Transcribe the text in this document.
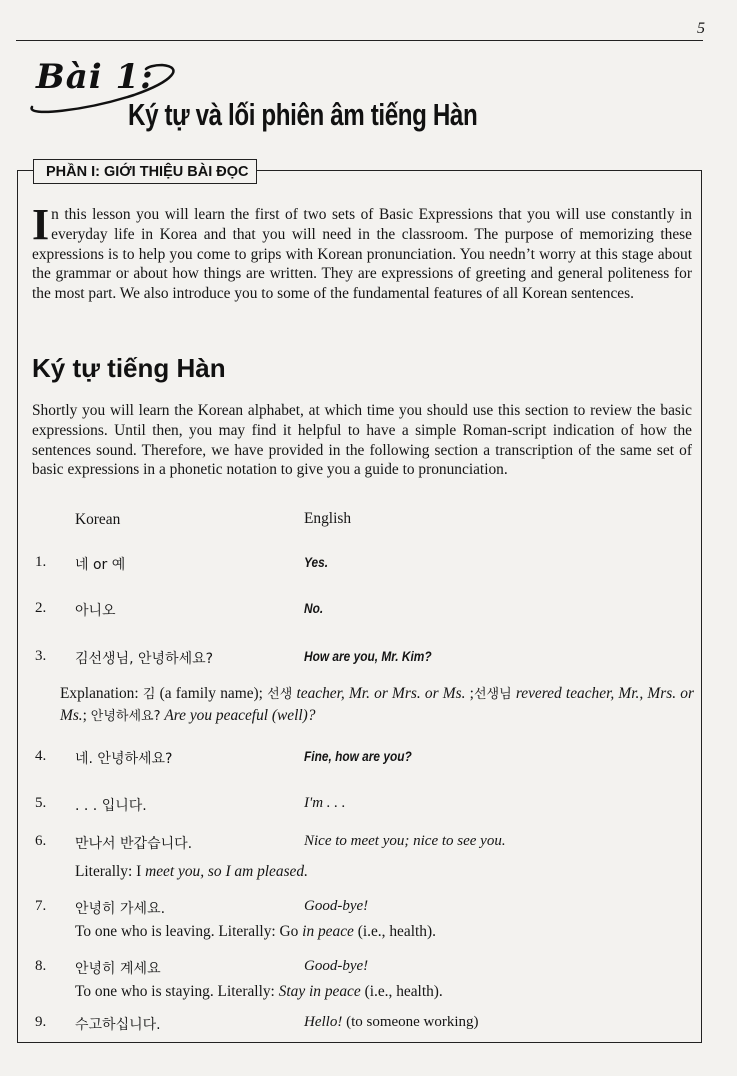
5
Bài 1:
Ký tự và lối phiên âm tiếng Hàn
PHẦN I: GIỚI THIỆU BÀI ĐỌC
In this lesson you will learn the first of two sets of Basic Expressions that you will use constantly in everyday life in Korea and that you will need in the classroom. The purpose of memorizing these expressions is to help you come to grips with Korean pronunciation. You needn’t worry at this stage about the grammar or about how things are written. They are expressions of greeting and general politeness for the most part. We also introduce you to some of the fundamental features of all Korean sentences.
Ký tự tiếng Hàn
Shortly you will learn the Korean alphabet, at which time you should use this section to review the basic expressions. Until then, you may find it helpful to have a simple Roman-script indication of how the sentences sound. Therefore, we have provided in the following section a transcription of the same set of basic expressions in a phonetic notation to give you a guide to pronunciation.
Korean	English
1. 네 or 예	Yes.
2. 아니오	No.
3. 김선생님, 안녕하세요?	How are you, Mr. Kim?
Explanation: 김 (a family name); 선생 teacher, Mr. or Mrs. or Ms. ;선생님 revered teacher, Mr., Mrs. or Ms.; 안녕하세요? Are you peaceful (well)?
4. 네. 안녕하세요?	Fine, how are you?
5. . . . 입니다.	I'm . . .
6. 만나서 반갑습니다.	Nice to meet you; nice to see you.
Literally: I meet you, so I am pleased.
7. 안녕히 가세요.	Good-bye!
To one who is leaving. Literally: Go in peace (i.e., health).
8. 안녕히 계세요	Good-bye!
To one who is staying. Literally: Stay in peace (i.e., health).
9. 수고하십니다.	Hello! (to someone working)
